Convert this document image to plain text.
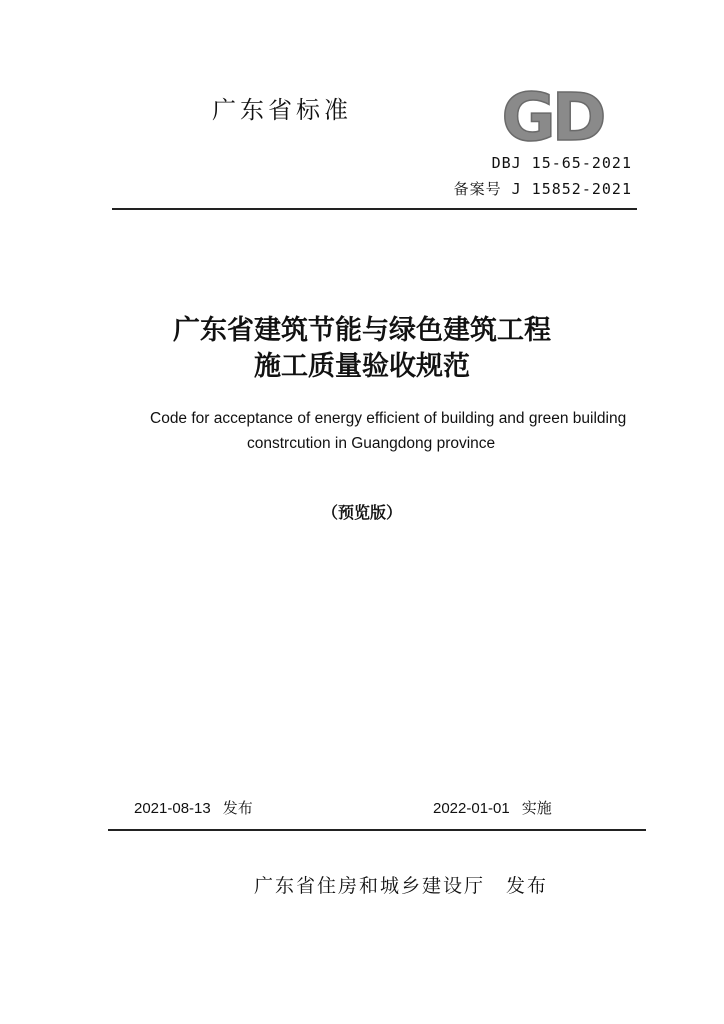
广东省标准 GD
DBJ 15-65-2021
备案号 J 15852-2021
广东省建筑节能与绿色建筑工程
施工质量验收规范
Code for acceptance of energy efficient of building and green building
constrcution in Guangdong province
（预览版）
2021-08-13 发布	2022-01-01 实施
广东省住房和城乡建设厅　发布
